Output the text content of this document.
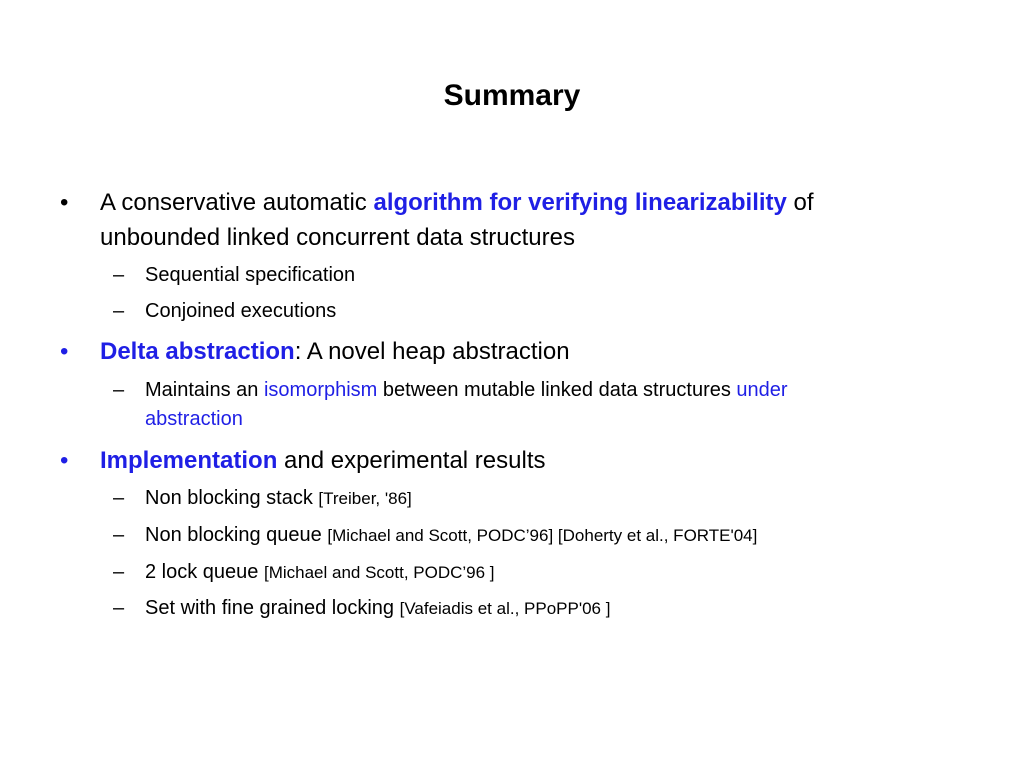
Summary
• A conservative automatic algorithm for verifying linearizability of
unbounded linked concurrent data structures
– Sequential specification
– Conjoined executions
• Delta abstraction: A novel heap abstraction
– Maintains an isomorphism between mutable linked data structures under
abstraction
• Implementation and experimental results
– Non blocking stack [Treiber, '86]
– Non blocking queue [Michael and Scott, PODC’96] [Doherty et al., FORTE'04]
– 2 lock queue [Michael and Scott, PODC’96 ]
– Set with fine grained locking [Vafeiadis et al., PPoPP'06 ]
